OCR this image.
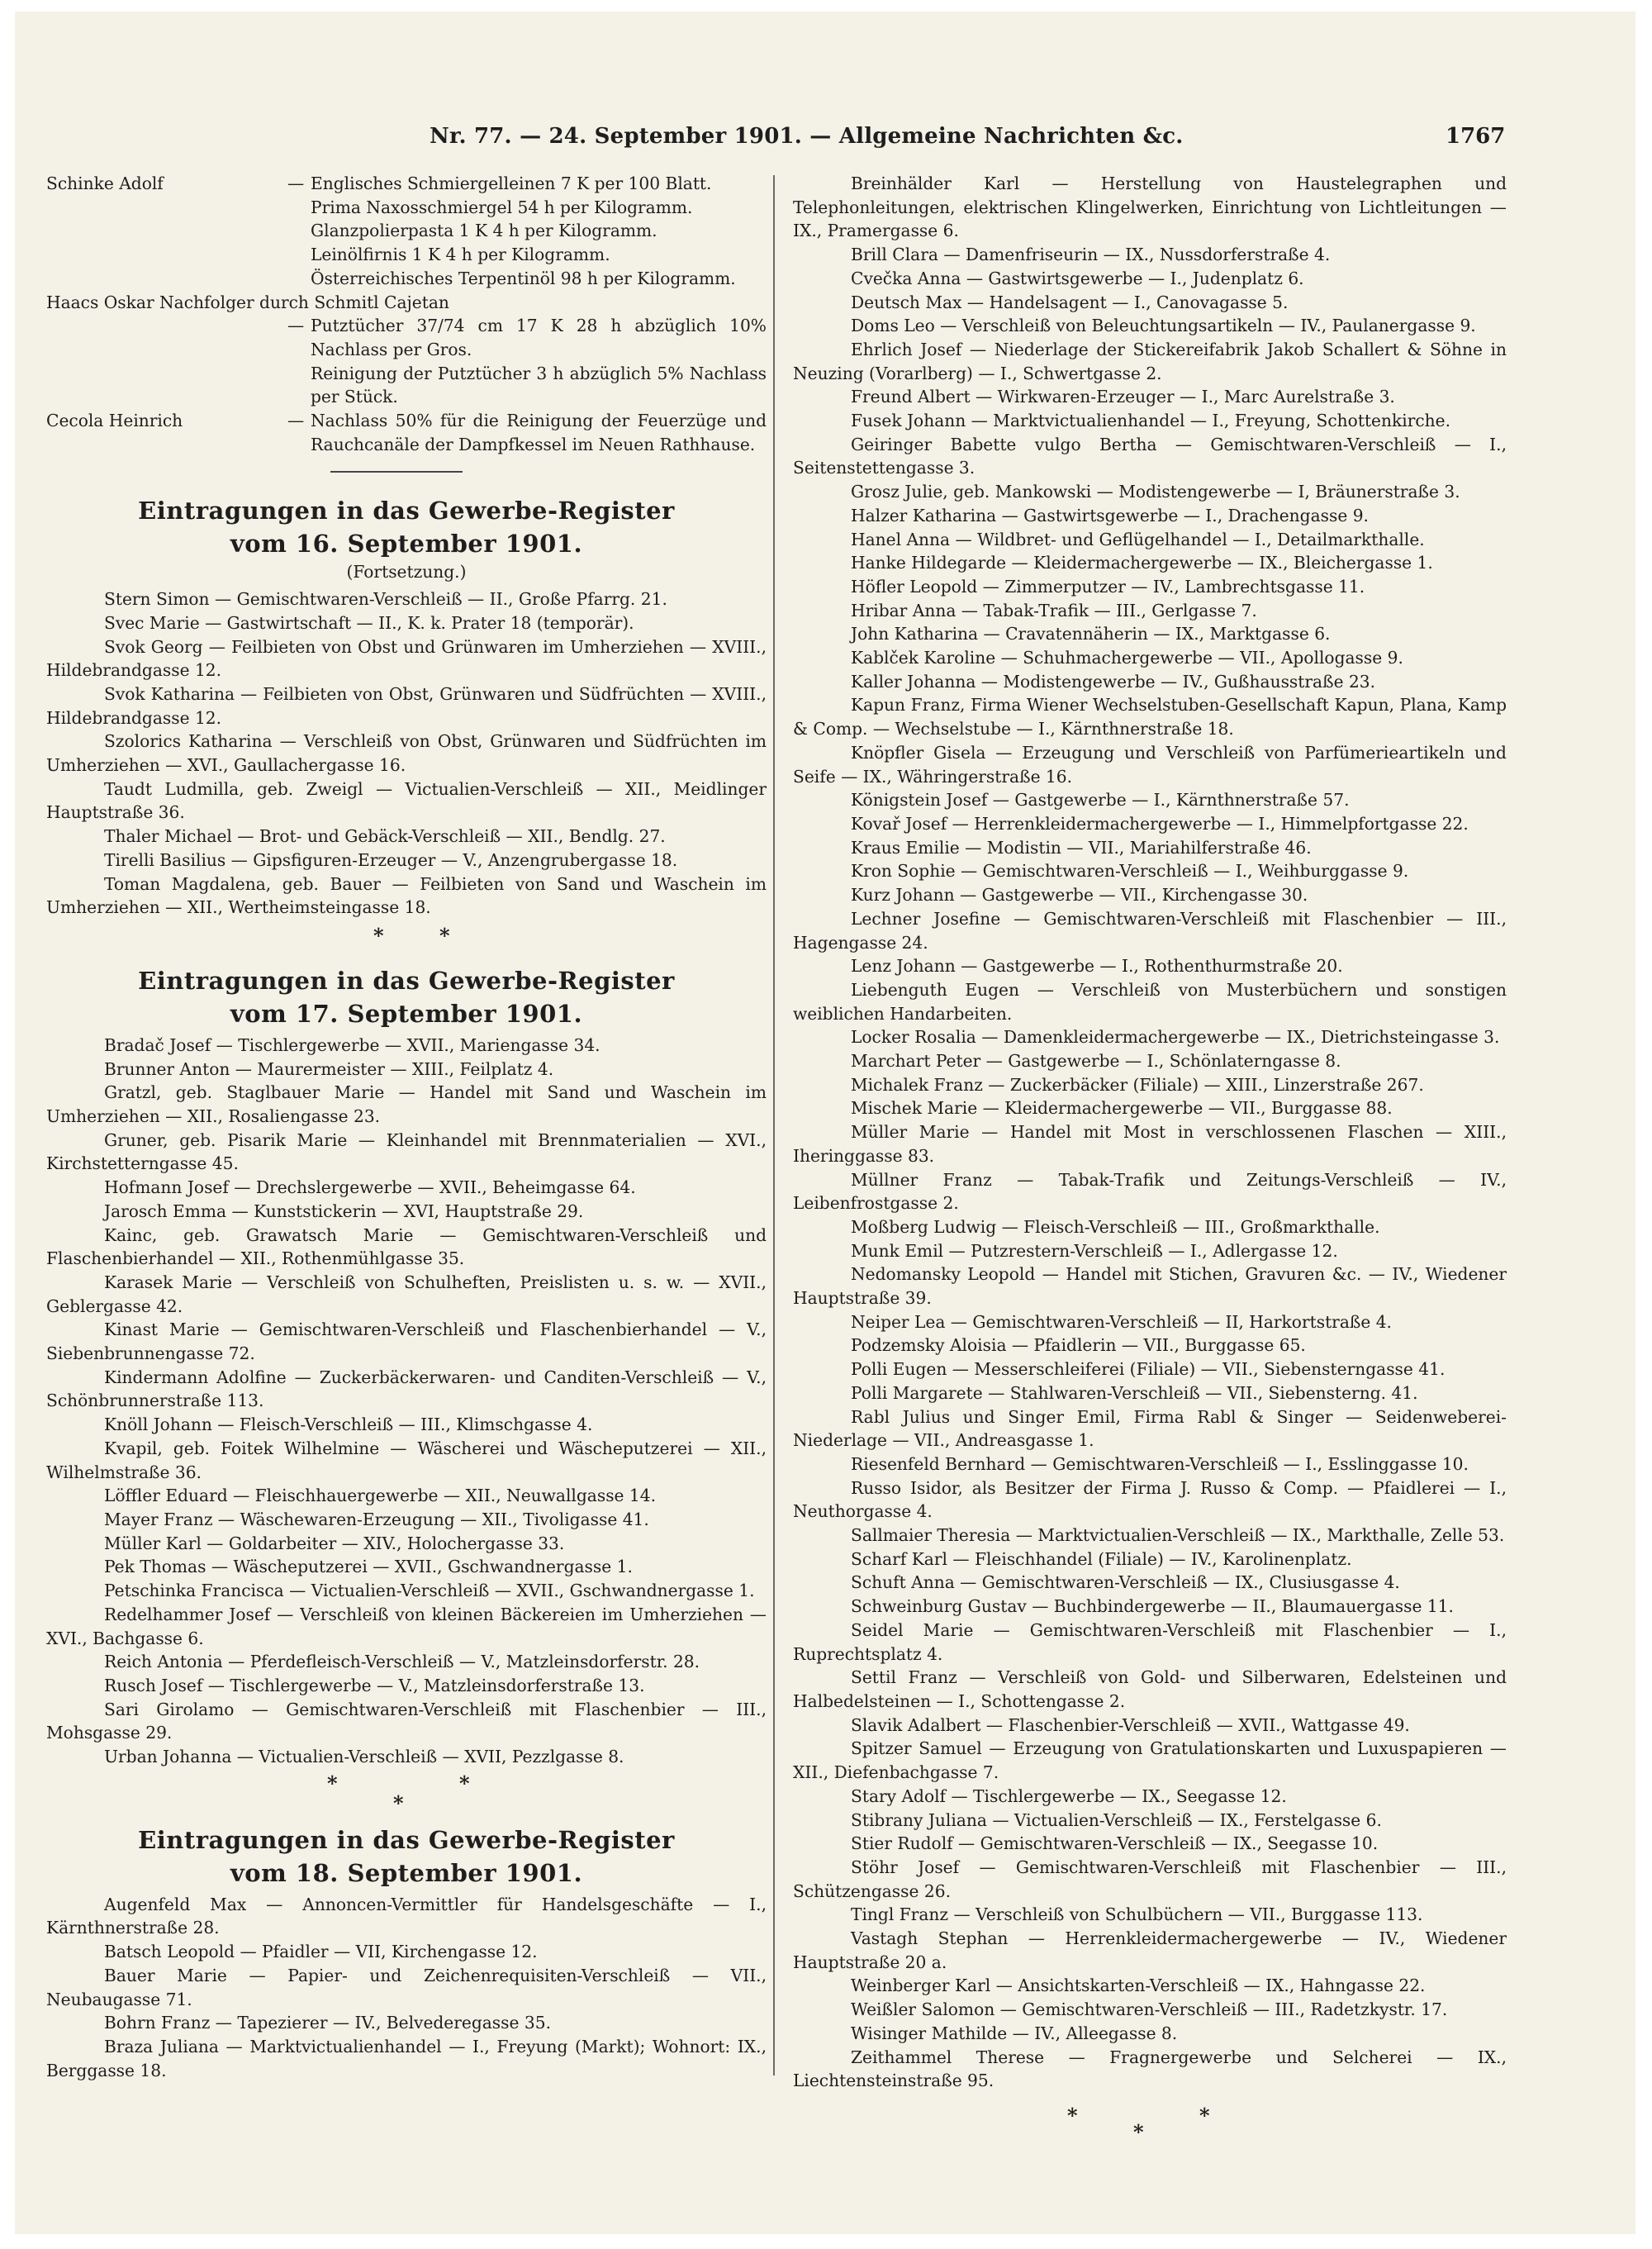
Nr. 77. — 24. September 1901. — Allgemeine Nachrichten &c.	1767
Schinke Adolf	— Englisches Schmiergelleinen 7 K per 100 Blatt.
Prima Naxosschmiergel 54 h per Kilogramm.
Glanzpolierpasta 1 K 4 h per Kilogramm.
Leinölfirnis 1 K 4 h per Kilogramm.
Österreichisches Terpentinöl 98 h per Kilogramm.
Haacs Oskar Nachfolger durch Schmitl Cajetan
— Putztücher 37/74 cm 17 K 28 h abzüglich 10% Nachlass per Gros.
Reinigung der Putztücher 3 h abzüglich 5% Nachlass per Stück.
Cecola Heinrich	— Nachlass 50% für die Reinigung der Feuerzüge und Rauchcanäle der Dampfkessel im Neuen Rathhause.

Eintragungen in das Gewerbe-Register

vom 16. September 1901.

(Fortsetzung.)

Stern Simon — Gemischtwaren-Verschleiß — II., Große Pfarrg. 21.
Svec Marie — Gastwirtschaft — II., K. k. Prater 18 (temporär).
Svok Georg — Feilbieten von Obst und Grünwaren im Umherziehen — XVIII., Hildebrandgasse 12.
Svok Katharina — Feilbieten von Obst, Grünwaren und Südfrüchten — XVIII., Hildebrandgasse 12.
Szolorics Katharina — Verschleiß von Obst, Grünwaren und Südfrüchten im Umherziehen — XVI., Gaullachergasse 16.
Taudt Ludmilla, geb. Zweigl — Victualien-Verschleiß — XII., Meidlinger Hauptstraße 36.
Thaler Michael — Brot- und Gebäck-Verschleiß — XII., Bendlg. 27.
Tirelli Basilius — Gipsfiguren-Erzeuger — V., Anzengrubergasse 18.
Toman Magdalena, geb. Bauer — Feilbieten von Sand und Waschein im Umherziehen — XII., Wertheimsteingasse 18.
*	*

Eintragungen in das Gewerbe-Register

vom 17. September 1901.

Bradač Josef — Tischlergewerbe — XVII., Mariengasse 34.
Brunner Anton — Maurermeister — XIII., Feilplatz 4.
Gratzl, geb. Staglbauer Marie — Handel mit Sand und Waschein im Umherziehen — XII., Rosaliengasse 23.
Gruner, geb. Pisarik Marie — Kleinhandel mit Brennmaterialien — XVI., Kirchstetterngasse 45.
Hofmann Josef — Drechslergewerbe — XVII., Beheimgasse 64.
Jarosch Emma — Kunststickerin — XVI, Hauptstraße 29.
Kainc, geb. Grawatsch Marie — Gemischtwaren-Verschleiß und Flaschenbierhandel — XII., Rothenmühlgasse 35.
Karasek Marie — Verschleiß von Schulheften, Preislisten u. s. w. — XVII., Geblergasse 42.
Kinast Marie — Gemischtwaren-Verschleiß und Flaschenbierhandel — V., Siebenbrunnengasse 72.
Kindermann Adolfine — Zuckerbäckerwaren- und Canditen-Verschleiß — V., Schönbrunnerstraße 113.
Knöll Johann — Fleisch-Verschleiß — III., Klimschgasse 4.
Kvapil, geb. Foitek Wilhelmine — Wäscherei und Wäscheputzerei — XII., Wilhelmstraße 36.
Löffler Eduard — Fleischhauergewerbe — XII., Neuwallgasse 14.
Mayer Franz — Wäschewaren-Erzeugung — XII., Tivoligasse 41.
Müller Karl — Goldarbeiter — XIV., Holochergasse 33.
Pek Thomas — Wäscheputzerei — XVII., Gschwandnergasse 1.
Petschinka Francisca — Victualien-Verschleiß — XVII., Gschwandnergasse 1.
Redelhammer Josef — Verschleiß von kleinen Bäckereien im Umherziehen — XVI., Bachgasse 6.
Reich Antonia — Pferdefleisch-Verschleiß — V., Matzleinsdorferstr. 28.
Rusch Josef — Tischlergewerbe — V., Matzleinsdorferstraße 13.
Sari Girolamo — Gemischtwaren-Verschleiß mit Flaschenbier — III., Mohsgasse 29.
Urban Johanna — Victualien-Verschleiß — XVII, Pezzlgasse 8.
*	*
*

Eintragungen in das Gewerbe-Register

vom 18. September 1901.

Augenfeld Max — Annoncen-Vermittler für Handelsgeschäfte — I., Kärnthnerstraße 28.
Batsch Leopold — Pfaidler — VII, Kirchengasse 12.
Bauer Marie — Papier- und Zeichenrequisiten-Verschleiß — VII., Neubaugasse 71.
Bohrn Franz — Tapezierer — IV., Belvederegasse 35.
Braza Juliana — Marktvictualienhandel — I., Freyung (Markt); Wohnort: IX., Berggasse 18.
Breinhälder Karl — Herstellung von Haustelegraphen und Telephonleitungen, elektrischen Klingelwerken, Einrichtung von Lichtleitungen — IX., Pramergasse 6.
Brill Clara — Damenfriseurin — IX., Nussdorferstraße 4.
Cvečka Anna — Gastwirtsgewerbe — I., Judenplatz 6.
Deutsch Max — Handelsagent — I., Canovagasse 5.
Doms Leo — Verschleiß von Beleuchtungsartikeln — IV., Paulanergasse 9.
Ehrlich Josef — Niederlage der Stickereifabrik Jakob Schallert & Söhne in Neuzing (Vorarlberg) — I., Schwertgasse 2.
Freund Albert — Wirkwaren-Erzeuger — I., Marc Aurelstraße 3.
Fusek Johann — Marktvictualienhandel — I., Freyung, Schottenkirche.
Geiringer Babette vulgo Bertha — Gemischtwaren-Verschleiß — I., Seitenstettengasse 3.
Grosz Julie, geb. Mankowski — Modistengewerbe — I, Bräunerstraße 3.
Halzer Katharina — Gastwirtsgewerbe — I., Drachengasse 9.
Hanel Anna — Wildbret- und Geflügelhandel — I., Detailmarkthalle.
Hanke Hildegarde — Kleidermachergewerbe — IX., Bleichergasse 1.
Höfler Leopold — Zimmerputzer — IV., Lambrechtsgasse 11.
Hribar Anna — Tabak-Trafik — III., Gerlgasse 7.
John Katharina — Cravatennäherin — IX., Marktgasse 6.
Kablček Karoline — Schuhmachergewerbe — VII., Apollogasse 9.
Kaller Johanna — Modistengewerbe — IV., Gußhausstraße 23.
Kapun Franz, Firma Wiener Wechselstuben-Gesellschaft Kapun, Plana, Kamp & Comp. — Wechselstube — I., Kärnthnerstraße 18.
Knöpfler Gisela — Erzeugung und Verschleiß von Parfümerieartikeln und Seife — IX., Währingerstraße 16.
Königstein Josef — Gastgewerbe — I., Kärnthnerstraße 57.
Kovař Josef — Herrenkleidermachergewerbe — I., Himmelpfortgasse 22.
Kraus Emilie — Modistin — VII., Mariahilferstraße 46.
Kron Sophie — Gemischtwaren-Verschleiß — I., Weihburggasse 9.
Kurz Johann — Gastgewerbe — VII., Kirchengasse 30.
Lechner Josefine — Gemischtwaren-Verschleiß mit Flaschenbier — III., Hagengasse 24.
Lenz Johann — Gastgewerbe — I., Rothenthurmstraße 20.
Liebenguth Eugen — Verschleiß von Musterbüchern und sonstigen weiblichen Handarbeiten.
Locker Rosalia — Damenkleidermachergewerbe — IX., Dietrichsteingasse 3.
Marchart Peter — Gastgewerbe — I., Schönlaterngasse 8.
Michalek Franz — Zuckerbäcker (Filiale) — XIII., Linzerstraße 267.
Mischek Marie — Kleidermachergewerbe — VII., Burggasse 88.
Müller Marie — Handel mit Most in verschlossenen Flaschen — XIII., Iheringgasse 83.
Müllner Franz — Tabak-Trafik und Zeitungs-Verschleiß — IV., Leibenfrostgasse 2.
Moßberg Ludwig — Fleisch-Verschleiß — III., Großmarkthalle.
Munk Emil — Putzrestern-Verschleiß — I., Adlergasse 12.
Nedomansky Leopold — Handel mit Stichen, Gravuren &c. — IV., Wiedener Hauptstraße 39.
Neiper Lea — Gemischtwaren-Verschleiß — II, Harkortstraße 4.
Podzemsky Aloisia — Pfaidlerin — VII., Burggasse 65.
Polli Eugen — Messerschleiferei (Filiale) — VII., Siebensterngasse 41.
Polli Margarete — Stahlwaren-Verschleiß — VII., Siebensterng. 41.
Rabl Julius und Singer Emil, Firma Rabl & Singer — Seidenweberei-Niederlage — VII., Andreasgasse 1.
Riesenfeld Bernhard — Gemischtwaren-Verschleiß — I., Esslinggasse 10.
Russo Isidor, als Besitzer der Firma J. Russo & Comp. — Pfaidlerei — I., Neuthorgasse 4.
Sallmaier Theresia — Marktvictualien-Verschleiß — IX., Markthalle, Zelle 53.
Scharf Karl — Fleischhandel (Filiale) — IV., Karolinenplatz.
Schuft Anna — Gemischtwaren-Verschleiß — IX., Clusiusgasse 4.
Schweinburg Gustav — Buchbindergewerbe — II., Blaumauergasse 11.
Seidel Marie — Gemischtwaren-Verschleiß mit Flaschenbier — I., Ruprechtsplatz 4.
Settil Franz — Verschleiß von Gold- und Silberwaren, Edelsteinen und Halbedelsteinen — I., Schottengasse 2.
Slavik Adalbert — Flaschenbier-Verschleiß — XVII., Wattgasse 49.
Spitzer Samuel — Erzeugung von Gratulationskarten und Luxuspapieren — XII., Diefenbachgasse 7.
Stary Adolf — Tischlergewerbe — IX., Seegasse 12.
Stibrany Juliana — Victualien-Verschleiß — IX., Ferstelgasse 6.
Stier Rudolf — Gemischtwaren-Verschleiß — IX., Seegasse 10.
Stöhr Josef — Gemischtwaren-Verschleiß mit Flaschenbier — III., Schützengasse 26.
Tingl Franz — Verschleiß von Schulbüchern — VII., Burggasse 113.
Vastagh Stephan — Herrenkleidermachergewerbe — IV., Wiedener Hauptstraße 20 a.
Weinberger Karl — Ansichtskarten-Verschleiß — IX., Hahngasse 22.
Weißler Salomon — Gemischtwaren-Verschleiß — III., Radetzkystr. 17.
Wisinger Mathilde — IV., Alleegasse 8.
Zeithammel Therese — Fragnergewerbe und Selcherei — IX., Liechtensteinstraße 95.
*	*
*
